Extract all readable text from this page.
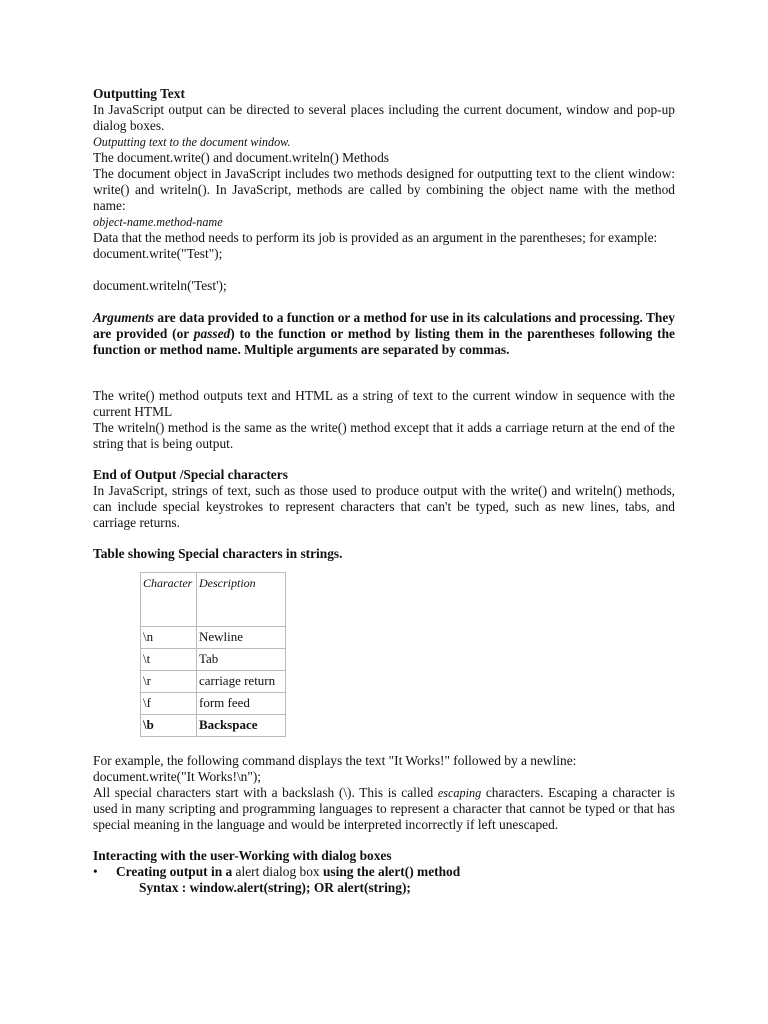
Outputting Text

In JavaScript output can be directed to several places including the current document, window and pop-up dialog boxes.

Outputting text to the document window.

The document.write() and document.writeln() Methods

The document object in JavaScript includes two methods designed for outputting text to the client window: write() and writeln(). In JavaScript, methods are called by combining the object name with the method name:

object-name.method-name

Data that the method needs to perform its job is provided as an argument in the parentheses; for example:

document.write("Test");

document.writeln('Test');

Arguments are data provided to a function or a method for use in its calculations and processing. They are provided (or passed) to the function or method by listing them in the parentheses following the function or method name. Multiple arguments are separated by commas.

The write() method outputs text and HTML as a string of text to the current window in sequence with the current HTML

The writeln() method is the same as the write() method except that it adds a carriage return at the end of the string that is being output.

End of Output /Special characters

In JavaScript, strings of text, such as those used to produce output with the write() and writeln() methods, can include special keystrokes to represent characters that can't be typed, such as new lines, tabs, and carriage returns.

Table showing Special characters in strings.

Character	Description
\n	Newline
\t	Tab
\r	carriage return
\f	form feed
\b	Backspace

For example, the following command displays the text "It Works!" followed by a newline:

document.write("It Works!\n");

All special characters start with a backslash (\). This is called escaping characters. Escaping a character is used in many scripting and programming languages to represent a character that cannot be typed or that has special meaning in the language and would be interpreted incorrectly if left unescaped.

Interacting with the user-Working with dialog boxes

• Creating output in a alert dialog box using the alert() method

Syntax : window.alert(string); OR alert(string);
